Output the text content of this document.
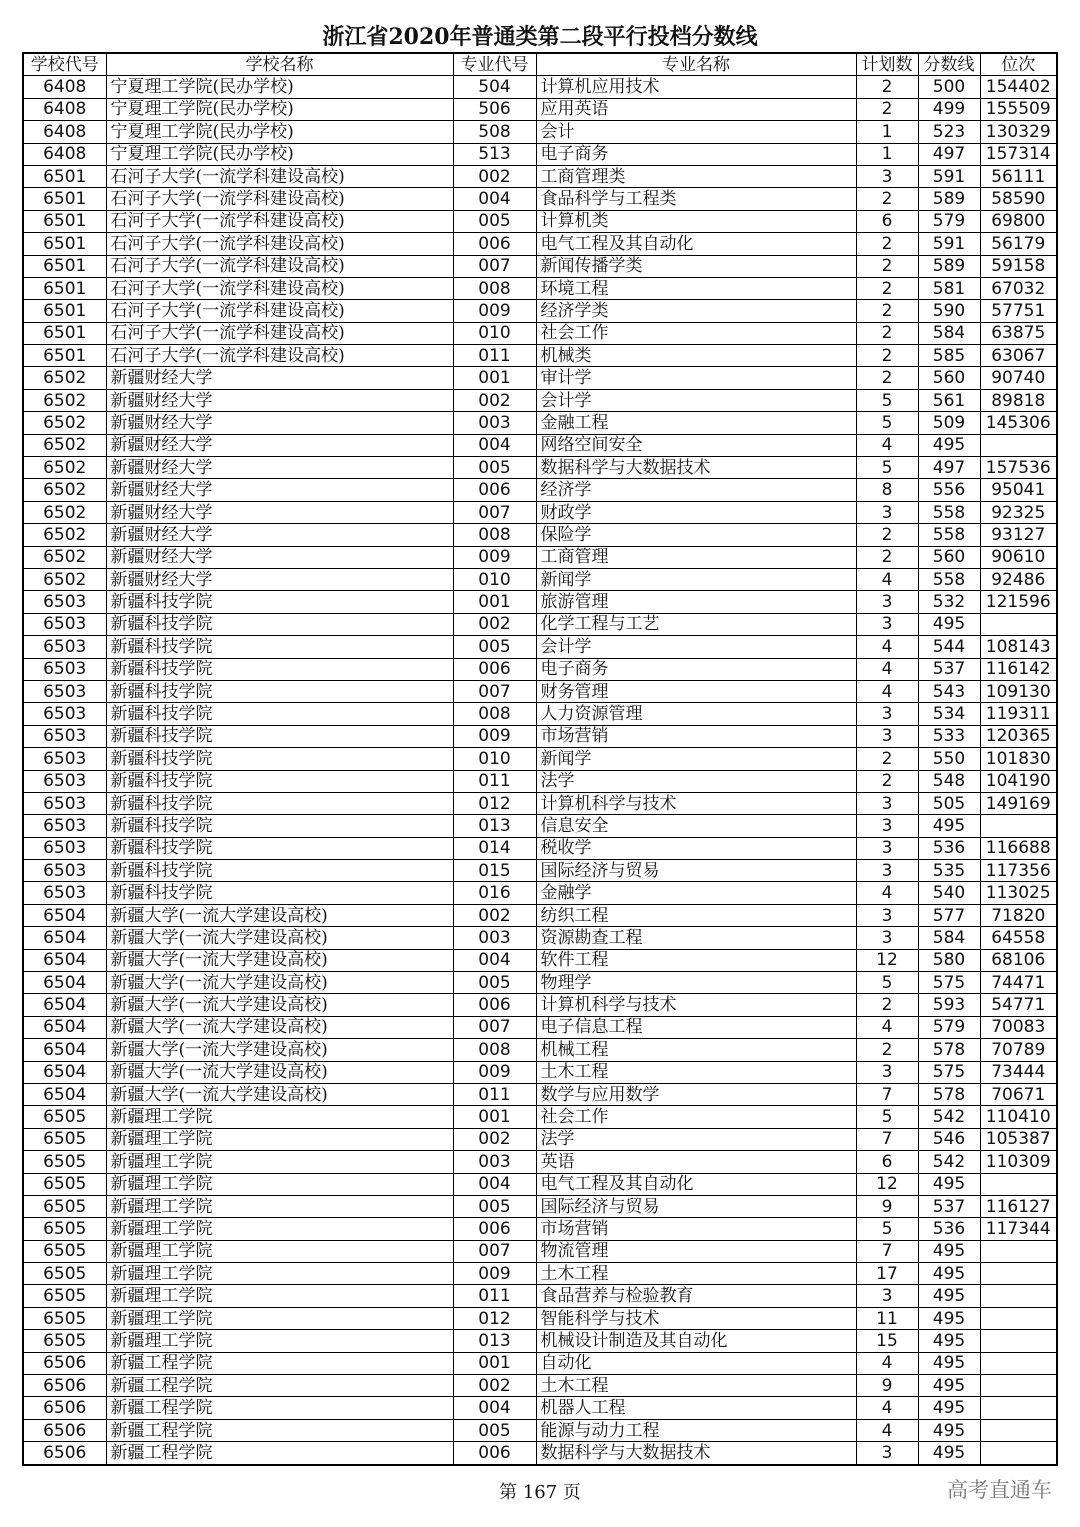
浙江省2020年普通类第二段平行投档分数线
学校代号	学校名称	专业代号	专业名称	计划数	分数线	位次
6408	宁夏理工学院(民办学校)	504	计算机应用技术	2	500	154402
6408	宁夏理工学院(民办学校)	506	应用英语	2	499	155509
6408	宁夏理工学院(民办学校)	508	会计	1	523	130329
6408	宁夏理工学院(民办学校)	513	电子商务	1	497	157314
6501	石河子大学(一流学科建设高校)	002	工商管理类	3	591	56111
6501	石河子大学(一流学科建设高校)	004	食品科学与工程类	2	589	58590
6501	石河子大学(一流学科建设高校)	005	计算机类	6	579	69800
6501	石河子大学(一流学科建设高校)	006	电气工程及其自动化	2	591	56179
6501	石河子大学(一流学科建设高校)	007	新闻传播学类	2	589	59158
6501	石河子大学(一流学科建设高校)	008	环境工程	2	581	67032
6501	石河子大学(一流学科建设高校)	009	经济学类	2	590	57751
6501	石河子大学(一流学科建设高校)	010	社会工作	2	584	63875
6501	石河子大学(一流学科建设高校)	011	机械类	2	585	63067
6502	新疆财经大学	001	审计学	2	560	90740
6502	新疆财经大学	002	会计学	5	561	89818
6502	新疆财经大学	003	金融工程	5	509	145306
6502	新疆财经大学	004	网络空间安全	4	495	
6502	新疆财经大学	005	数据科学与大数据技术	5	497	157536
6502	新疆财经大学	006	经济学	8	556	95041
6502	新疆财经大学	007	财政学	3	558	92325
6502	新疆财经大学	008	保险学	2	558	93127
6502	新疆财经大学	009	工商管理	2	560	90610
6502	新疆财经大学	010	新闻学	4	558	92486
6503	新疆科技学院	001	旅游管理	3	532	121596
6503	新疆科技学院	002	化学工程与工艺	3	495	
6503	新疆科技学院	005	会计学	4	544	108143
6503	新疆科技学院	006	电子商务	4	537	116142
6503	新疆科技学院	007	财务管理	4	543	109130
6503	新疆科技学院	008	人力资源管理	3	534	119311
6503	新疆科技学院	009	市场营销	3	533	120365
6503	新疆科技学院	010	新闻学	2	550	101830
6503	新疆科技学院	011	法学	2	548	104190
6503	新疆科技学院	012	计算机科学与技术	3	505	149169
6503	新疆科技学院	013	信息安全	3	495	
6503	新疆科技学院	014	税收学	3	536	116688
6503	新疆科技学院	015	国际经济与贸易	3	535	117356
6503	新疆科技学院	016	金融学	4	540	113025
6504	新疆大学(一流大学建设高校)	002	纺织工程	3	577	71820
6504	新疆大学(一流大学建设高校)	003	资源勘查工程	3	584	64558
6504	新疆大学(一流大学建设高校)	004	软件工程	12	580	68106
6504	新疆大学(一流大学建设高校)	005	物理学	5	575	74471
6504	新疆大学(一流大学建设高校)	006	计算机科学与技术	2	593	54771
6504	新疆大学(一流大学建设高校)	007	电子信息工程	4	579	70083
6504	新疆大学(一流大学建设高校)	008	机械工程	2	578	70789
6504	新疆大学(一流大学建设高校)	009	土木工程	3	575	73444
6504	新疆大学(一流大学建设高校)	011	数学与应用数学	7	578	70671
6505	新疆理工学院	001	社会工作	5	542	110410
6505	新疆理工学院	002	法学	7	546	105387
6505	新疆理工学院	003	英语	6	542	110309
6505	新疆理工学院	004	电气工程及其自动化	12	495	
6505	新疆理工学院	005	国际经济与贸易	9	537	116127
6505	新疆理工学院	006	市场营销	5	536	117344
6505	新疆理工学院	007	物流管理	7	495	
6505	新疆理工学院	009	土木工程	17	495	
6505	新疆理工学院	011	食品营养与检验教育	3	495	
6505	新疆理工学院	012	智能科学与技术	11	495	
6505	新疆理工学院	013	机械设计制造及其自动化	15	495	
6506	新疆工程学院	001	自动化	4	495	
6506	新疆工程学院	002	土木工程	9	495	
6506	新疆工程学院	004	机器人工程	4	495	
6506	新疆工程学院	005	能源与动力工程	4	495	
6506	新疆工程学院	006	数据科学与大数据技术	3	495	
第 167 页	高考直通车
